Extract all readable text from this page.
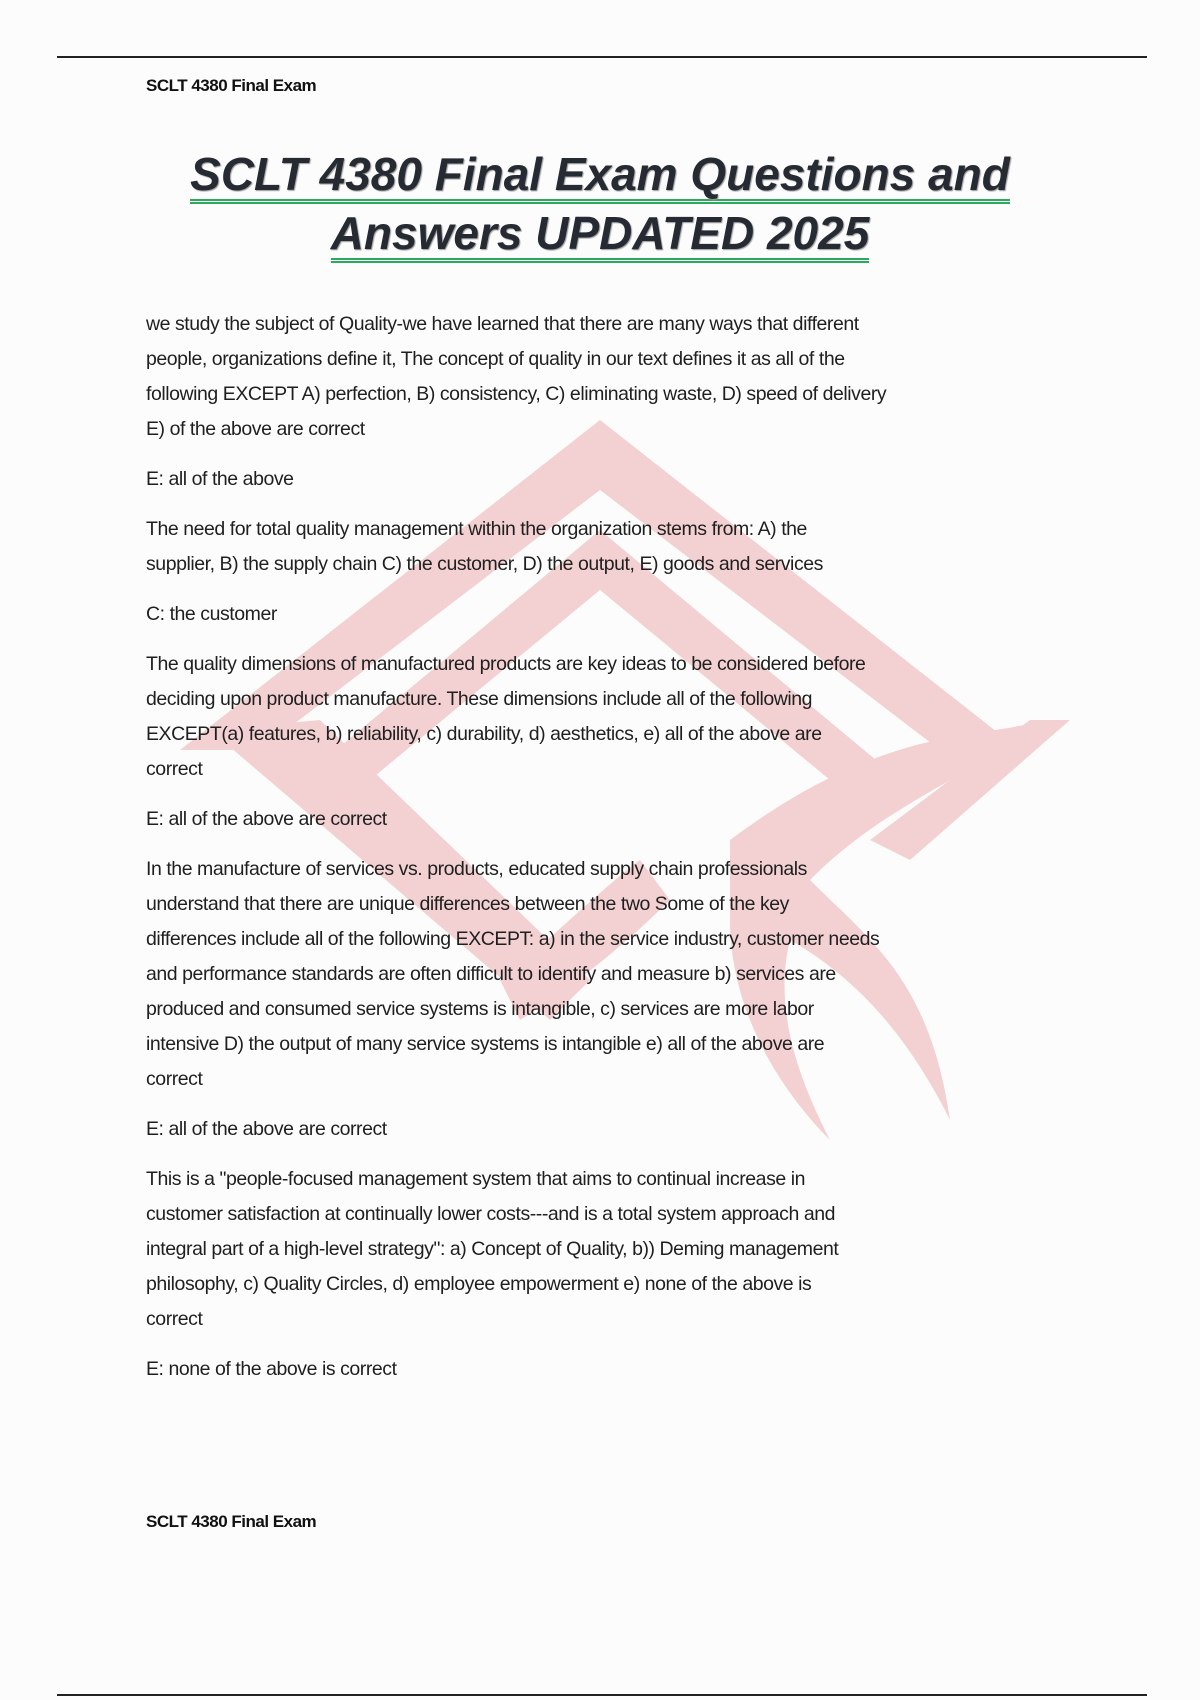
SCLT 4380 Final Exam
SCLT 4380 Final Exam Questions and
Answers UPDATED 2025
we study the subject of Quality-we have learned that there are many ways that different
people, organizations define it, The concept of quality in our text defines it as all of the
following EXCEPT A) perfection, B) consistency, C) eliminating waste, D) speed of delivery
E) of the above are correct
E: all of the above
The need for total quality management within the organization stems from: A) the
supplier, B) the supply chain C) the customer, D) the output, E) goods and services
C: the customer
The quality dimensions of manufactured products are key ideas to be considered before
deciding upon product manufacture. These dimensions include all of the following
EXCEPT(a) features, b) reliability, c) durability, d) aesthetics, e) all of the above are
correct
E: all of the above are correct
In the manufacture of services vs. products, educated supply chain professionals
understand that there are unique differences between the two Some of the key
differences include all of the following EXCEPT: a) in the service industry, customer needs
and performance standards are often difficult to identify and measure b) services are
produced and consumed service systems is intangible, c) services are more labor
intensive D) the output of many service systems is intangible e) all of the above are
correct
E: all of the above are correct
This is a "people-focused management system that aims to continual increase in
customer satisfaction at continually lower costs---and is a total system approach and
integral part of a high-level strategy": a) Concept of Quality, b)) Deming management
philosophy, c) Quality Circles, d) employee empowerment e) none of the above is
correct
E: none of the above is correct
SCLT 4380 Final Exam
